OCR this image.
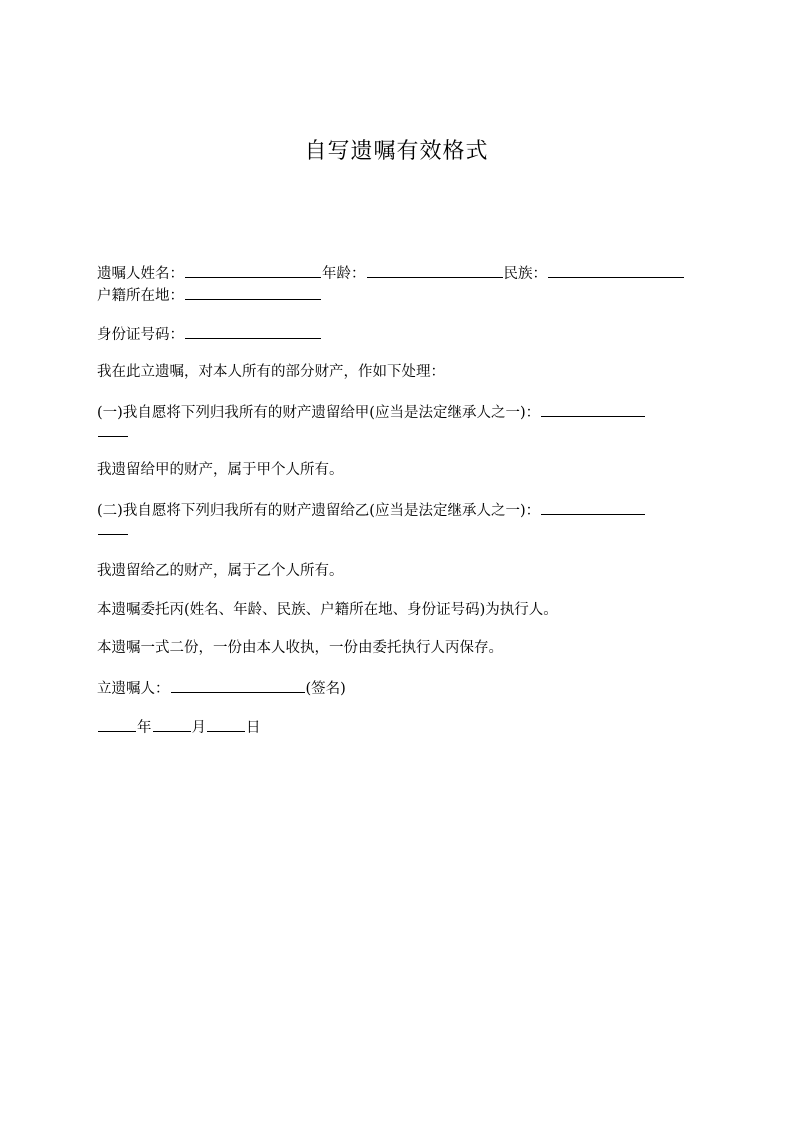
自写遗嘱有效格式
遗嘱人姓名：	年龄：	民族：
户籍所在地：
身份证号码：
我在此立遗嘱，对本人所有的部分财产，作如下处理：
(一)我自愿将下列归我所有的财产遗留给甲(应当是法定继承人之一)：
我遗留给甲的财产，属于甲个人所有。
(二)我自愿将下列归我所有的财产遗留给乙(应当是法定继承人之一)：
我遗留给乙的财产，属于乙个人所有。
本遗嘱委托丙(姓名、年龄、民族、户籍所在地、身份证号码)为执行人。
本遗嘱一式二份，一份由本人收执，一份由委托执行人丙保存。
立遗嘱人：	(签名)
年	月	日
